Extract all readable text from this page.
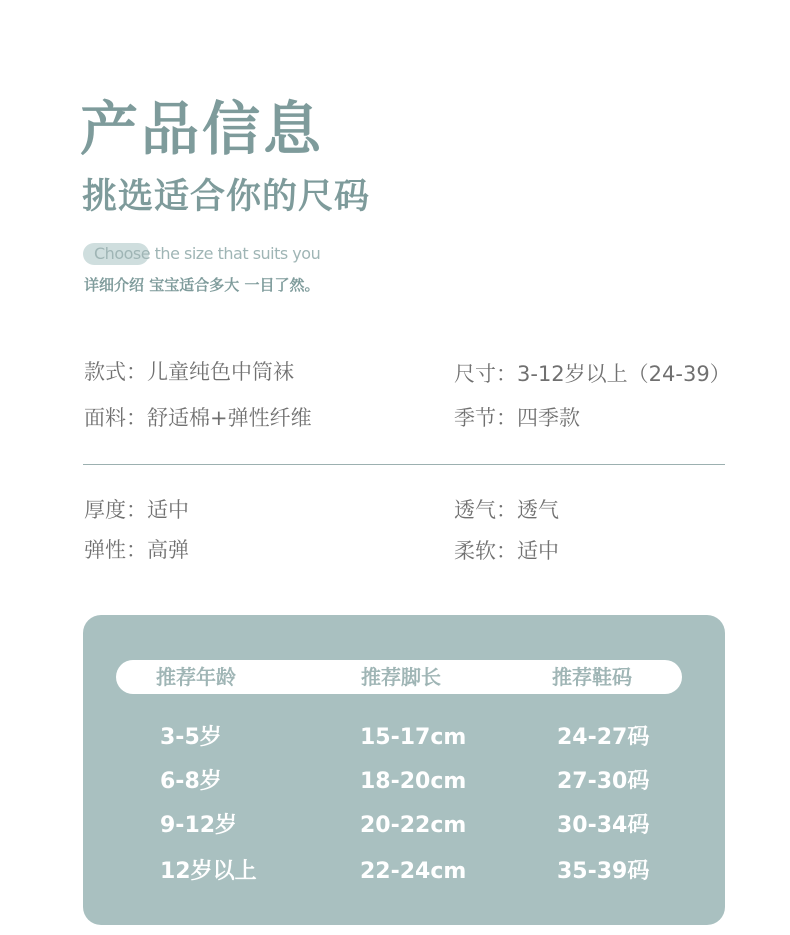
产品信息
挑选适合你的尺码
Choose the size that suits you
详细介绍 宝宝适合多大 一目了然。
款式：儿童纯色中筒袜	尺寸：3-12岁以上（24-39）
面料：舒适棉+弹性纤维	季节：四季款
厚度：适中	透气：透气
弹性：高弹	柔软：适中
推荐年龄	推荐脚长	推荐鞋码
3-5岁	15-17cm	24-27码
6-8岁	18-20cm	27-30码
9-12岁	20-22cm	30-34码
12岁以上	22-24cm	35-39码
